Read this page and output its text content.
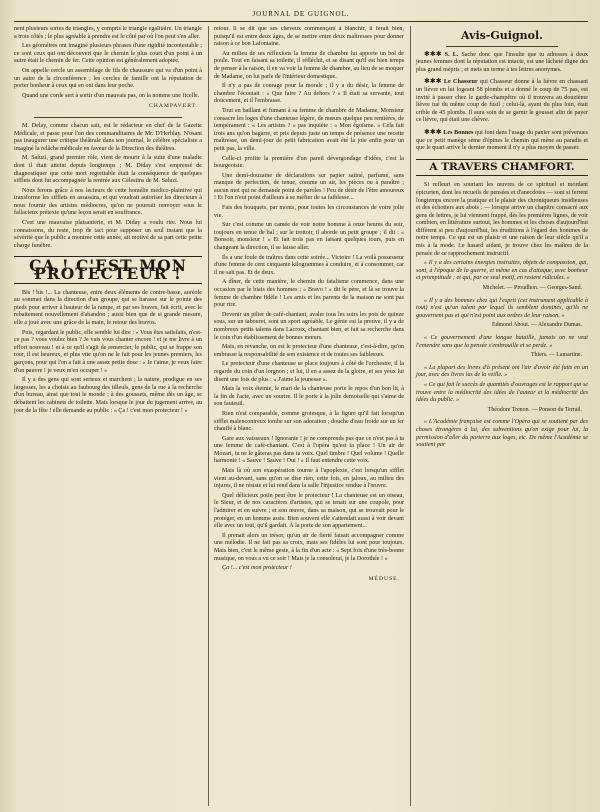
JOURNAL DE GUIGNOL.

nent plusieurs sortes de triangles, y compris le triangle égalitaire. Un triangle a trois côtés ; le plus agréable à prendre est le côté par où l'on peut s'en aller.

Les géomètres ont imaginé plusieurs phrases d'une rigidité incontestable ; ce sont ceux qui ont découvert que le chemin le plus court d'un point à un autre était le chemin de fer. Cette opinion est généralement adoptée.

On appelle cercle un assemblage de fils de chaussure qui va d'un point à un autre de la circonférence ; les cercles de famille ont la réputation de porter bonheur à ceux qui en ont dans leur poche.

Quand une corde sert à sortir d'un mauvais pas, on la nomme une ficelle.

CHAMPAVERT.

M. Delay, comme chacun sait, est le rédacteur en chef de la Gazette Médicale, et passe pour l'un des commanditaires de Mr. D'Herblay. N'osant pas inaugurer une critique théâtrale dans son journal, le célèbre spécialiste a imaginé la relâche médicale en faveur de la Direction des théâtres.

M. Saluzi, grand premier rôle, vient de mourir à la suite d'une maladie dont il était atteint depuis longtemps ; M. Diday s'est empressé de diagnostiquer que cette mort regrettable était la conséquence de quelques sifflets dont fut accompagnée la rentrée aux Célestins de M. Saluzi.

Nous ferons grâce à nos lecteurs de cette homélie médico-plaintive qui transforme les sifflets en assassins, et qui voudrait autoriser les directeurs à nous fournir des artistes médiocres, qu'on ne pourrait renvoyer sous le fallacieux prétexte qu'une leçon serait en souffrance.

C'est une mauvaise plaisanterie, et M. Diday a voulu rire. Nous lui connaissons, du reste, trop de tact pour supposer un seul instant que la sévérité que le public a montrée cette année, ait motivé de sa part cette petite charge funèbre.

ÇA ! C'EST MON PROTECTEUR !

Bis ! bis !... La chanteuse, entre deux éléments de contre-basse, auréole au sommet dans la direction d'un groupe, qui se harasse sur le pointe des pieds pour arriver à hauteur de la rampe, et par ses braves, fait écrit, avec le rebattement nouvellement d'abandon ; aussi bien que de si grande mesure, elle a joué avec une grâce de la main, le retour des bravos.

Puis, regardant le public, elle semble lui dire : « Vous êtes satisfaits, n'est-ce pas ? vous voulez bien ? Je vais vous chanter encore ! et je me livre à un effort nouveau ! et à ce qu'il s'agit de remercier, le public, qui se frappe son tour, il est heureux, et plus vite qu'on ne le fait pour les jeunes premiers, les garçons, pour qui l'on a fait à une assez petite dose : « Je t'aime, je veux faire d'un pauvre ! je veux m'en occuper ! »

Il y a des gens qui sont serieux et marchent ; la nature, prodigue en ses largesses, les a choisis au faubourg des tilleuls, gens de la rue à la recherche d'un bureau, ainsi que tout le monde ; à des goussets, même dès un âge, se débattent les cabinets de toilette. Mais lorsque le jour du jugement arrive, au jour de la fête ! elle demande au public : « Ça ! c'est mon protecteur ! »

retour. Il se dit que ses cheveux commençant à blanchir, il ferait bien, puisqu'il est entre deux âges, de se mettre entre deux maîtresses pour donner raison à ce bon Lafontaine.

Au milieu de ses réflexions la femme de chambre lui apporte un bol de poule. Tout en faisant sa toilette, il réfléchit, et se disant qu'il est bien temps de penser à la raison, il en va voir la femme de chambre, au lieu de se moquer de Madame, on lui parle de l'intérieur domestique.

Il n'y a pas de courage pour la morale ; il y a du désir, la femme de chambre l'écoutait : « Que faire ? Au dehors ? » Il était sa servante, tout doucement, et il l'embrasse.

Tout en baillant et fumant à sa femme de chambre de Madame, Monsieur consacre les loges d'une chanteuse légère, de mœurs quelque peu rentières, de tempérament : « Les artistes ? » pas inquiète : « Mon égoïsme. » Cela fait trois ans qu'on bagarre, et pris depuis juste un temps de présence une recette maîtresse, un demi-jour de petit fabrication avait été la joie enfin pour un petit pas, la ville.

Celle-ci profite la première d'un pareil dévergondage d'idées, c'est la bourgeoisie.

Une demi-douzaine de déclarations sur papier satiné, parfumé, sans manque de perfection, de tenue, comme un air, les pièces ou à paraître ; aucun mot qui ne demande point de paroles ! Peu de désir de l'être amoureux ! Et l'on n'eut point d'ailleurs à se méfier de sa faiblesse...

Fais des bouquets, par monts, pour toutes les circonstances de votre jolie vie.

Sur c'est comme un camée de voir notre homme à onze heures du soir, toujours en tenue de bal ; sur le trottoir, il aborde un petit groupe ; il dit : « Bonsoir, monsieur ! » Et fait trois pas en faisant quelques tours, puis en changeant la direction, il se laisse aller.

Ils a une foule de traîtres dans cette soirée... Victoire ! La voilà possesseur d'une femme de cent cinquante kilogrammes à conduire, et à consommer, car il ne sait pas. Et de deux.

A dîner, de cette manière, le chemin du fatalisme commence, dans une occasion par le biais des hommes ; « Bravo ! » dit le père, et là se trouve la femme de chambre fidèle ! Les amis et les parents de la maison ne sont pas pour rire.

Devenir un pilier de café-chantant, avaler tous les soirs les pots de quinze sous, sur un tabouret, sont un sport agréable. Le génie est la preuve, il y a de nombreux petits talents dans Lacroix, chantant bien, et fait sa recherche dans le coin d'un établissement de bonnes mœurs.

Mais, en revanche, on est le protecteur d'une chanteuse, c'est-à-dire, qu'on embrasse la responsabilité de son existence et de toutes ses faiblesses.

Le protecteur d'une chanteuse se place toujours à côté de l'orchestre, il la regarde du coin d'un lorgnon ; et lui, il en a assez de la gloire, et ses yeux lui disent une fois de plus : « J'aime la jeunesse ».

Mais la voix éteinte, le mari de la chanteuse porte le repos d'un bon lit, à la fin de l'acte, avec un sourire. Il le porte à la jolie demoiselle qui s'aime de son fauteuil.

Rien n'est comparable, comme grotesque, à la figure qu'il fait lorsqu'un sifflet malencontreux tombe sur son adoration ; douche d'eau froide sur un fer chauffé à blanc.

Gare aux vaisseaux ! Ignorante ! je ne comprends pas que ce n'est pas à ta une femme de café-chantant. C'est à l'opéra qu'est ta place ! Un air de Mozart, tu ne le gâteras pas dans ta voix. Quel timbre ! Quel volume ! Quelle harmonie ! « Sauve ! Sauve ! Oui ! » Il faut entendre cette voix.

Mais là où son exaspération tourne à l'apoplexie, c'est lorsqu'un sifflet vient au-devant, sans qu'on se dise rien, cette fois, en jaloux, au milieu des injures, il ne résiste et lui rend dans la salle l'injustice rendue à l'œuvre.

Quel délicieux potin peut être le protecteur ! La chanteuse est un oiseau, le Sieur, et de nos caractères d'artistes, qui se tenait sur une coupole, pour l'admirer et en suivre ; et son œuvre, dans sa maison, qui se trouvait pour le protéger, en un homme assis. Bien souvent elle s'attendait aussi à voir devant elle avec un tout, qu'il gardait. À la porte de son appartement...

Il prenait alors un trésor, qu'un air de fierté faisait accompagner comme une mélodie. Il ne fait pas sa croix, mais ses fidèles lui sont pour toujours. Mais bien, c'est le même geste, à la fin d'un acte : « Sept fois d'une très-bonne musique, on vous a vu ce soir ! Mais je la consolerai, je la Dorothée ! »

Ça !... c'est mon protecteur !

MÉDUSE.
Avis-Guignol.

✱✱✱ S. L. Sache donc que l'insulte que tu adresses à deux jeunes femmes dont la réputation est intacte, est une lâcheté digne des plus grand mépris ; et mets un terme à tes lettres anonymes.

✱✱✱ Le Chasseur qui Chasseur donne à la lièvre en chassant un lièvre en lui logeant 58 plombs et a donné le coup de 75 pas, est invité à passer chez le garde-champêtre où il trouvera au douzième lièvre tué du même coup de fusil ; celui-là, ayant du plus loin, était crible de 45 plombs. Il aura soin de se garnir le gousset afin de payer ce lièvre, qui était une chèvre.

✱✱✱ Les Bonnes qui font dans l'usage du panier sont prévenues que ce petit manège sème d'épines le chemin qui mène au paradis et que le quart arrive le dernier moment il n'y a plus moyen de passer.

A TRAVERS CHAMFORT.

Si refleuri en souriant les œuvres de ce spirituel et mordant épicurien, dont les recueils de pensées et d'anecdotes — sont si ferrent longtemps encore la pratique et le plaisir des chroniqueurs insidieuses et des échotiers aux abois ; — lorsque arrive un chapitre consacré aux gens de lettres, je lui viennent frappé, dès les premières lignes, de voir combien, en littérature surtout, les hommes et les choses d'aujourd'hui diffèrent si peu d'aujourd'hui, les éruditions à l'égard des hommes de notre temps. Ce qui est un plaisir et une raison de leur siècle qu'il a mis à la mode. Le hasard aidant, je trouve chez les maîtres de la pensée de ce rapprochement instructif.

« Il y a des certains énergies instruites, objets de compassion, qui, sont, à l'époque de la guerre, et même en cas d'attaque, avec bonheur et promptitude ; et qui, par ce seul motif, en restent ridicules. »

Michelet. — Proudhon. — Georges-Sand.

« Il y a des hommes chez qui l'esprit (cet instrument applicable à tout) n'est qu'un talent par lequel ils semblent dominés, qu'ils ne gouvernent pas et qui n'est point aux ordres de leur raison. »

Edmond About. — Alexandre Dumas.

« Ce gouvernement d'une longue bataille, jamais on ne veut l'entendre sans que la pensée s'embrouille et se perde. »

Thiers. — Lamartine.

« La plupart des livres d'à présent ont l'air d'avoir été faits en un jour, avec des livres lus de la veille. »

« Ce qui fait le succès de quantités d'ouvrages est le rapport qui se trouve entre la médiocrité des idées de l'auteur et la médiocrité des idées du public. »

Théodore Trenon. — Ponson du Terrail.

« L'Académie française est comme l'Opéra qui se soutient par des choses étrangères à lui, des subventions qu'on exige pour lui, la permission d'aller du parterre aux loges, etc. De même l'Académie se soutient par
